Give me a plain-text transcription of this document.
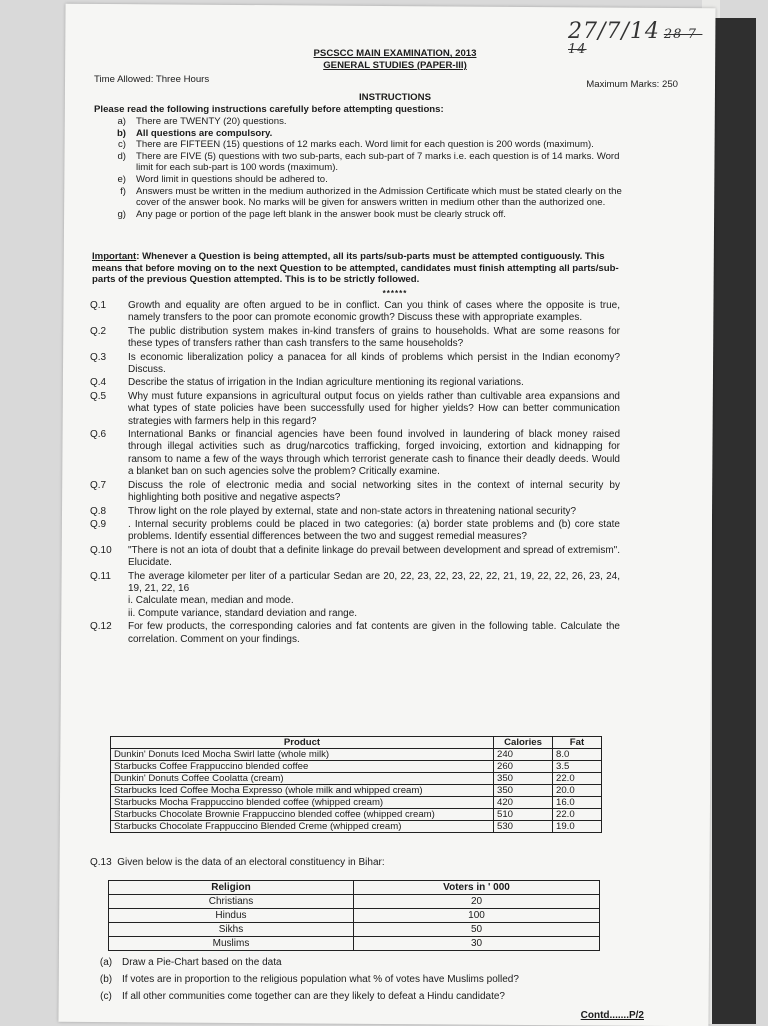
27/7/14 28-7-14
PSCSCC MAIN EXAMINATION, 2013
GENERAL STUDIES (PAPER-III)
Time Allowed: Three Hours	Maximum Marks: 250
INSTRUCTIONS
Please read the following instructions carefully before attempting questions:
a)	There are TWENTY (20) questions.
b)	All questions are compulsory.
c)	There are FIFTEEN (15) questions of 12 marks each. Word limit for each question is 200 words (maximum).
d)	There are FIVE (5) questions with two sub-parts, each sub-part of 7 marks i.e. each question is of 14 marks. Word limit for each sub-part is 100 words (maximum).
e)	Word limit in questions should be adhered to.
f)	Answers must be written in the medium authorized in the Admission Certificate which must be stated clearly on the cover of the answer book. No marks will be given for answers written in medium other than the authorized one.
g)	Any page or portion of the page left blank in the answer book must be clearly struck off.
Important: Whenever a Question is being attempted, all its parts/sub-parts must be attempted contiguously. This means that before moving on to the next Question to be attempted, candidates must finish attempting all parts/sub-parts of the previous Question attempted. This is to be strictly followed.
******
Q.1	Growth and equality are often argued to be in conflict. Can you think of cases where the opposite is true, namely transfers to the poor can promote economic growth? Discuss these with appropriate examples.
Q.2	The public distribution system makes in-kind transfers of grains to households. What are some reasons for these types of transfers rather than cash transfers to the same households?
Q.3	Is economic liberalization policy a panacea for all kinds of problems which persist in the Indian economy? Discuss.
Q.4	Describe the status of irrigation in the Indian agriculture mentioning its regional variations.
Q.5	Why must future expansions in agricultural output focus on yields rather than cultivable area expansions and what types of state policies have been successfully used for higher yields? How can better communication strategies with farmers help in this regard?
Q.6	International Banks or financial agencies have been found involved in laundering of black money raised through illegal activities such as drug/narcotics trafficking, forged invoicing, extortion and kidnapping for ransom to name a few of the ways through which terrorist generate cash to finance their deadly deeds. Would a blanket ban on such agencies solve the problem? Critically examine.
Q.7	Discuss the role of electronic media and social networking sites in the context of internal security by highlighting both positive and negative aspects?
Q.8	Throw light on the role played by external, state and non-state actors in threatening national security?
Q.9	. Internal security problems could be placed in two categories: (a) border state problems and (b) core state problems. Identify essential differences between the two and suggest remedial measures?
Q.10	"There is not an iota of doubt that a definite linkage do prevail between development and spread of extremism". Elucidate.
Q.11	The average kilometer per liter of a particular Sedan are 20, 22, 23, 22, 23, 22, 22, 21, 19, 22, 22, 26, 23, 24, 19, 21, 22, 16
i. Calculate mean, median and mode.
ii. Compute variance, standard deviation and range.
Q.12	For few products, the corresponding calories and fat contents are given in the following table. Calculate the correlation. Comment on your findings.
Product	Calories	Fat
Dunkin' Donuts Iced Mocha Swirl latte (whole milk)	240	8.0
Starbucks Coffee Frappuccino blended coffee	260	3.5
Dunkin' Donuts Coffee Coolatta (cream)	350	22.0
Starbucks Iced Coffee Mocha Expresso (whole milk and whipped cream)	350	20.0
Starbucks Mocha Frappuccino blended coffee (whipped cream)	420	16.0
Starbucks Chocolate Brownie Frappuccino blended coffee (whipped cream)	510	22.0
Starbucks Chocolate Frappuccino Blended Creme (whipped cream)	530	19.0
Q.13 Given below is the data of an electoral constituency in Bihar:
Religion	Voters in ' 000
Christians	20
Hindus	100
Sikhs	50
Muslims	30
(a) Draw a Pie-Chart based on the data
(b) If votes are in proportion to the religious population what % of votes have Muslims polled?
(c)	If all other communities come together can are they likely to defeat a Hindu candidate?
Contd.......P/2
